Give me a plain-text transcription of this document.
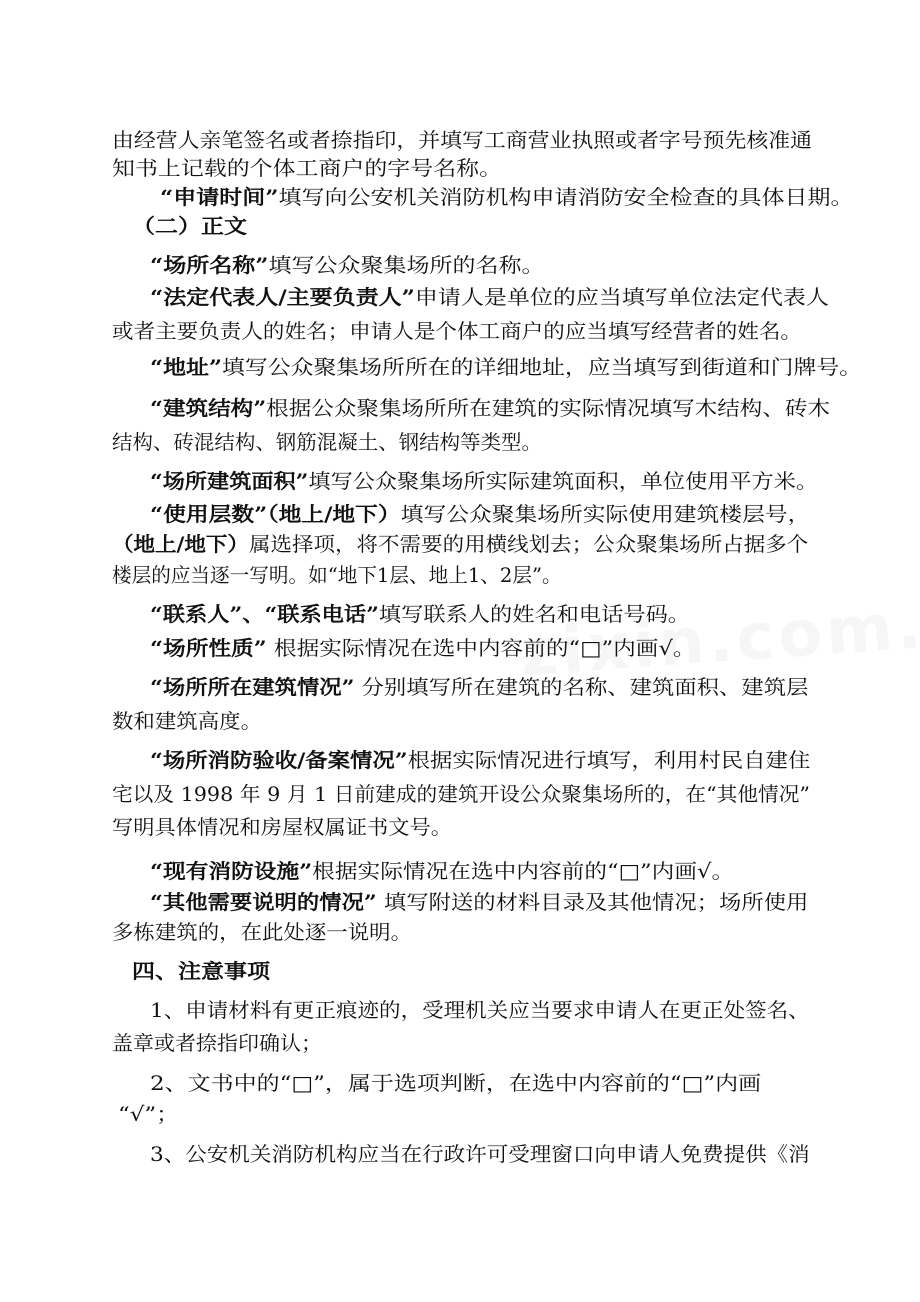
由经营人亲笔签名或者捺指印，并填写工商营业执照或者字号预先核准通
知书上记载的个体工商户的字号名称。
“申请时间”填写向公安机关消防机构申请消防安全检查的具体日期。
（二）正文
“场所名称”填写公众聚集场所的名称。
“法定代表人/主要负责人”申请人是单位的应当填写单位法定代表人
或者主要负责人的姓名；申请人是个体工商户的应当填写经营者的姓名。
“地址”填写公众聚集场所所在的详细地址，应当填写到街道和门牌号。
“建筑结构”根据公众聚集场所所在建筑的实际情况填写木结构、砖木
结构、砖混结构、钢筋混凝土、钢结构等类型。
“场所建筑面积”填写公众聚集场所实际建筑面积，单位使用平方米。
“使用层数”（地上/地下）填写公众聚集场所实际使用建筑楼层号，
（地上/地下）属选择项，将不需要的用横线划去；公众聚集场所占据多个
楼层的应当逐一写明。如“地下1层、地上1、2层”。
“联系人”、“联系电话”填写联系人的姓名和电话号码。
“场所性质” 根据实际情况在选中内容前的“□”内画√。
“场所所在建筑情况” 分别填写所在建筑的名称、建筑面积、建筑层
数和建筑高度。
“场所消防验收/备案情况”根据实际情况进行填写，利用村民自建住
宅以及 1998 年 9 月 1 日前建成的建筑开设公众聚集场所的，在“其他情况”
写明具体情况和房屋权属证书文号。
“现有消防设施”根据实际情况在选中内容前的“□”内画√。
“其他需要说明的情况” 填写附送的材料目录及其他情况；场所使用
多栋建筑的，在此处逐一说明。
四、注意事项
1、申请材料有更正痕迹的，受理机关应当要求申请人在更正处签名、
盖章或者捺指印确认；
2、文书中的“□”，属于选项判断，在选中内容前的“□”内画
“√”；
3、公安机关消防机构应当在行政许可受理窗口向申请人免费提供《消
